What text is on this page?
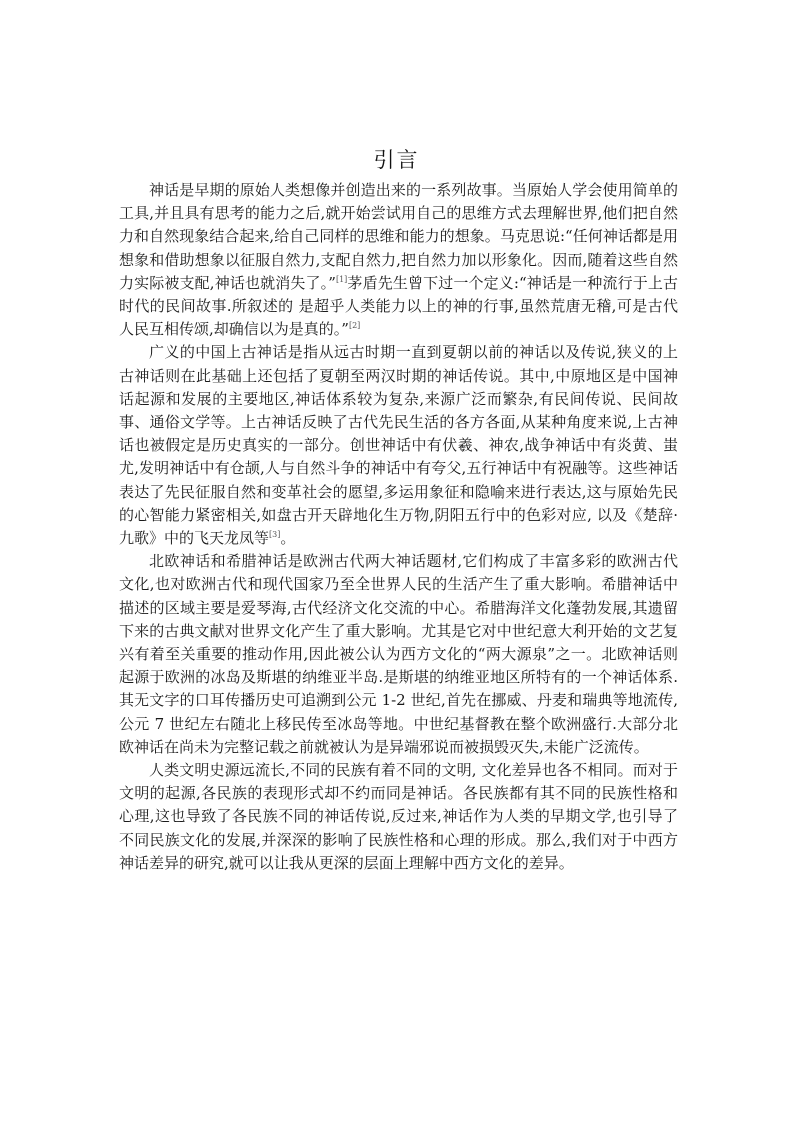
引言

神话是早期的原始人类想像并创造出来的一系列故事。当原始人学会使用简单的工具,并且具有思考的能力之后,就开始尝试用自己的思维方式去理解世界,他们把自然力和自然现象结合起来,给自己同样的思维和能力的想象。马克思说:“任何神话都是用想象和借助想象以征服自然力,支配自然力,把自然力加以形象化。因而,随着这些自然力实际被支配,神话也就消失了。”[1]茅盾先生曾下过一个定义:“神话是一种流行于上古时代的民间故事.所叙述的 是超乎人类能力以上的神的行事,虽然荒唐无稽,可是古代 人民互相传颂,却确信以为是真的。”[2]

广义的中国上古神话是指从远古时期一直到夏朝以前的神话以及传说,狭义的上古神话则在此基础上还包括了夏朝至两汉时期的神话传说。其中,中原地区是中国神话起源和发展的主要地区,神话体系较为复杂,来源广泛而繁杂,有民间传说、民间故事、通俗文学等。上古神话反映了古代先民生活的各方各面,从某种角度来说,上古神话也被假定是历史真实的一部分。创世神话中有伏羲、神农,战争神话中有炎黄、蚩尤,发明神话中有仓颉,人与自然斗争的神话中有夸父,五行神话中有祝融等。这些神话表达了先民征服自然和变革社会的愿望,多运用象征和隐喻来进行表达,这与原始先民的心智能力紧密相关,如盘古开天辟地化生万物,阴阳五行中的色彩对应, 以及《楚辞·九歌》中的飞天龙凤等[3]。

北欧神话和希腊神话是欧洲古代两大神话题材,它们构成了丰富多彩的欧洲古代文化,也对欧洲古代和现代国家乃至全世界人民的生活产生了重大影响。希腊神话中描述的区域主要是爱琴海,古代经济文化交流的中心。希腊海洋文化蓬勃发展,其遗留下来的古典文献对世界文化产生了重大影响。尤其是它对中世纪意大利开始的文艺复兴有着至关重要的推动作用,因此被公认为西方文化的“两大源泉”之一。北欧神话则起源于欧洲的冰岛及斯堪的纳维亚半岛.是斯堪的纳维亚地区所特有的一个神话体系.其无文字的口耳传播历史可追溯到公元 1-2 世纪,首先在挪威、丹麦和瑞典等地流传,公元 7 世纪左右随北上移民传至冰岛等地。中世纪基督教在整个欧洲盛行.大部分北欧神话在尚未为完整记载之前就被认为是异端邪说而被损毁灭失,未能广泛流传。

人类文明史源远流长,不同的民族有着不同的文明, 文化差异也各不相同。而对于文明的起源,各民族的表现形式却不约而同是神话。各民族都有其不同的民族性格和心理,这也导致了各民族不同的神话传说,反过来,神话作为人类的早期文学,也引导了不同民族文化的发展,并深深的影响了民族性格和心理的形成。那么,我们对于中西方神话差异的研究,就可以让我从更深的层面上理解中西方文化的差异。
